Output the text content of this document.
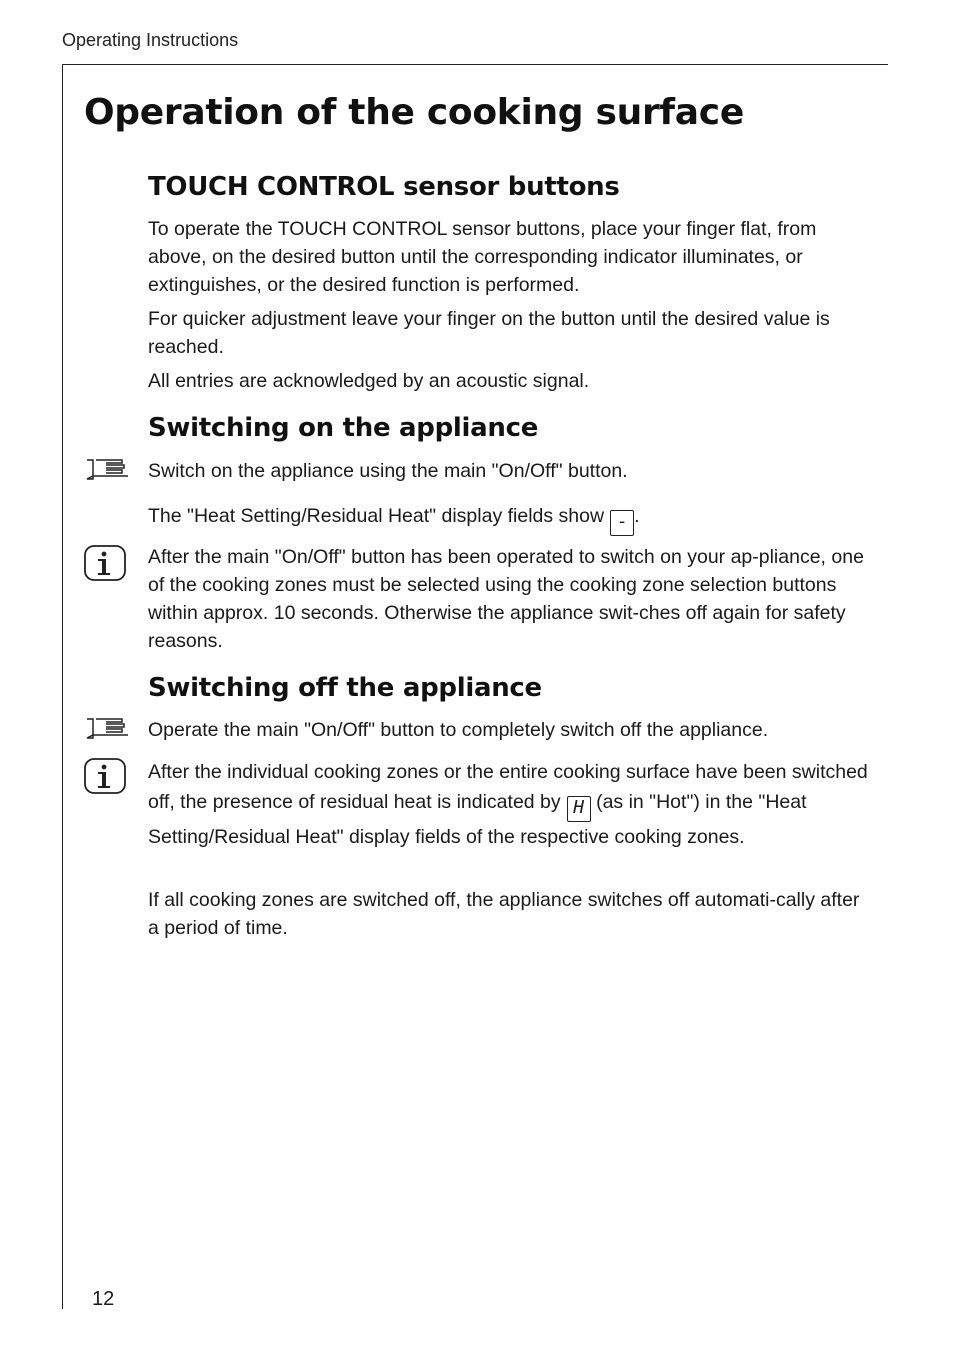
Operating Instructions
Operation of the cooking surface
TOUCH CONTROL sensor buttons

To operate the TOUCH CONTROL sensor buttons, place your finger flat, from above, on the desired button until the corresponding indicator illuminates, or extinguishes, or the desired function is performed.

For quicker adjustment leave your finger on the button until the desired value is reached.

All entries are acknowledged by an acoustic signal.

Switching on the appliance

Switch on the appliance using the main "On/Off" button.

The "Heat Setting/Residual Heat" display fields show - .

After the main "On/Off" button has been operated to switch on your ap-pliance, one of the cooking zones must be selected using the cooking zone selection buttons within approx. 10 seconds. Otherwise the appliance swit-ches off again for safety reasons.

Switching off the appliance

Operate the main "On/Off" button to completely switch off the appliance.

After the individual cooking zones or the entire cooking surface have been switched off, the presence of residual heat is indicated by H (as in "Hot") in the "Heat Setting/Residual Heat" display fields of the respective cooking zones.

If all cooking zones are switched off, the appliance switches off automati-cally after a period of time.

12
